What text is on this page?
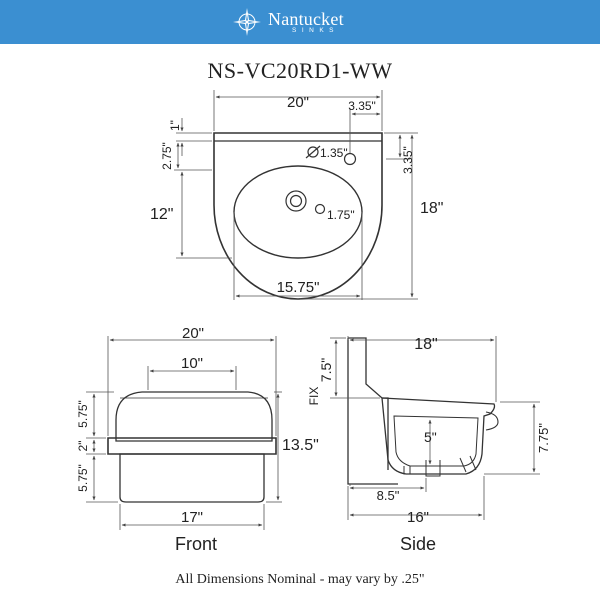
Nantucket
SINKS
NS-VC20RD1-WW
20"	3.35"
1"
2.75"	1.35"	3.35"
12"	18"
1.75"
15.75"
20"
10"
5.75"
2"
5.75"
13.5"
17"
Front
18"
FIX
7.5"
5"	7.75"
8.5"
16"
Side
All Dimensions Nominal - may vary by .25"
